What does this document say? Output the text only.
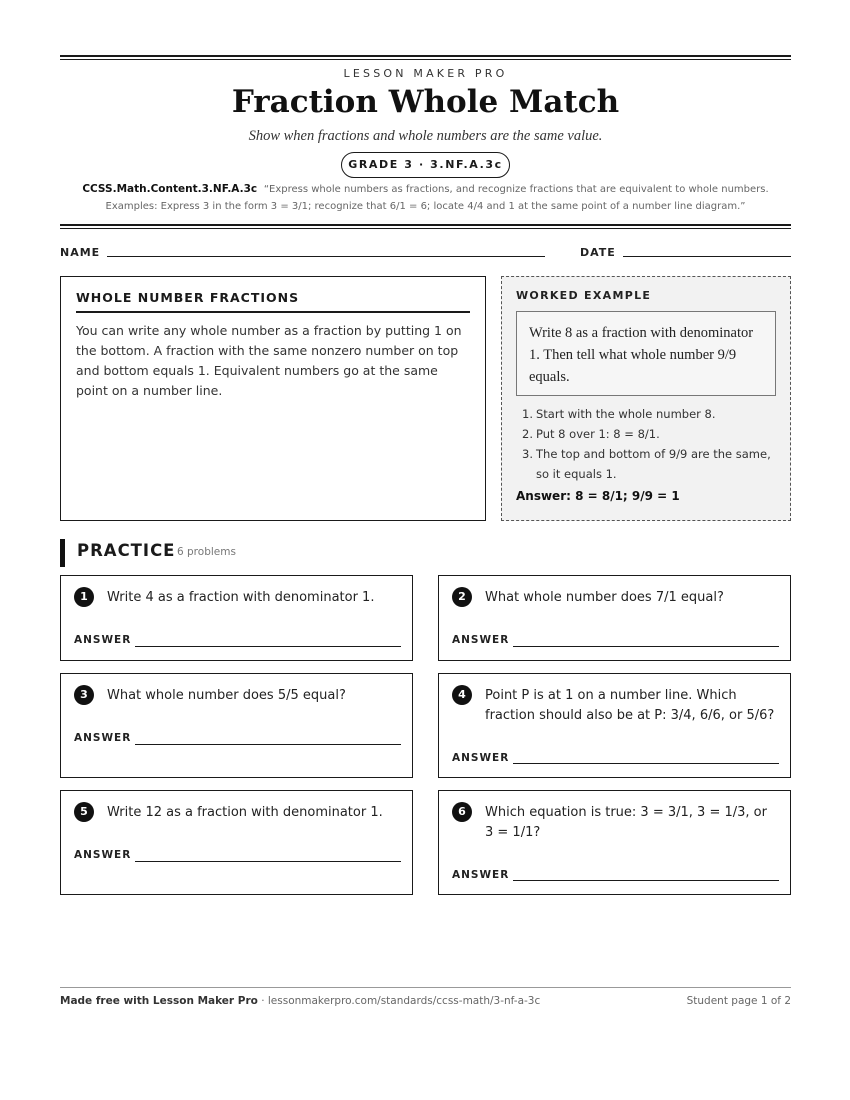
LESSON MAKER PRO
Fraction Whole Match
Show when fractions and whole numbers are the same value.
GRADE 3 · 3.NF.A.3c
CCSS.Math.Content.3.NF.A.3c “Express whole numbers as fractions, and recognize fractions that are equivalent to whole numbers. Examples: Express 3 in the form 3 = 3/1; recognize that 6/1 = 6; locate 4/4 and 1 at the same point of a number line diagram.”
NAME	DATE
WHOLE NUMBER FRACTIONS
You can write any whole number as a fraction by putting 1 on the bottom. A fraction with the same nonzero number on top and bottom equals 1. Equivalent numbers go at the same point on a number line.
WORKED EXAMPLE
Write 8 as a fraction with denominator 1. Then tell what whole number 9/9 equals.
1. Start with the whole number 8.
2. Put 8 over 1: 8 = 8/1.
3. The top and bottom of 9/9 are the same, so it equals 1.
Answer: 8 = 8/1; 9/9 = 1
PRACTICE 6 problems
1	Write 4 as a fraction with denominator 1.
ANSWER
2	What whole number does 7/1 equal?
ANSWER
3	What whole number does 5/5 equal?
ANSWER
4	Point P is at 1 on a number line. Which fraction should also be at P: 3/4, 6/6, or 5/6?
ANSWER
5	Write 12 as a fraction with denominator 1.
ANSWER
6	Which equation is true: 3 = 3/1, 3 = 1/3, or 3 = 1/1?
ANSWER
Made free with Lesson Maker Pro · lessonmakerpro.com/standards/ccss-math/3-nf-a-3c	Student page 1 of 2
